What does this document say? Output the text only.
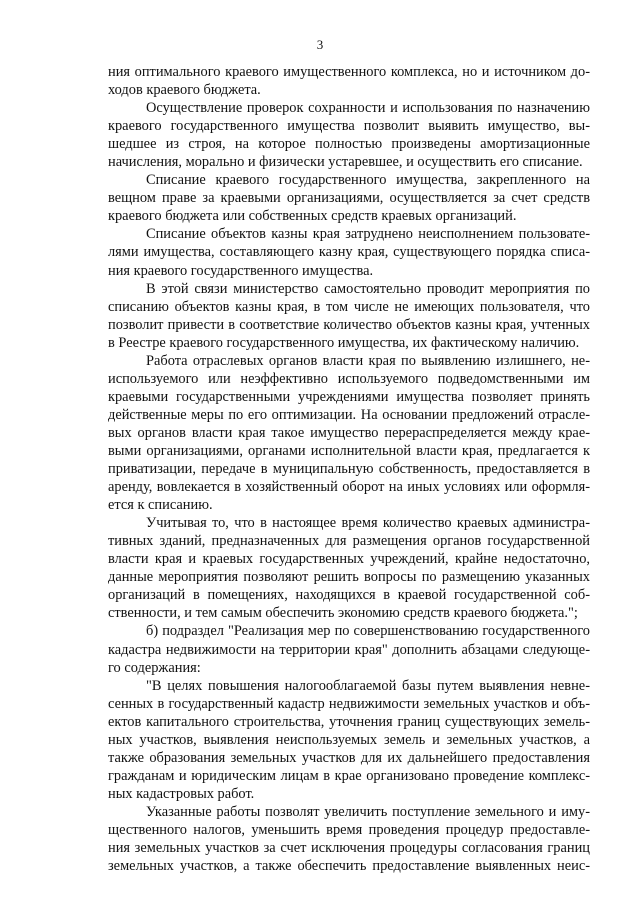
3
ния оптимального краевого имущественного комплекса, но и источником до-
ходов краевого бюджета.
Осуществление проверок сохранности и использования по назначению
краевого государственного имущества позволит выявить имущество, вы-
шедшее из строя, на которое полностью произведены амортизационные
начисления, морально и физически устаревшее, и осуществить его списание.
Списание краевого государственного имущества, закрепленного на
вещном праве за краевыми организациями, осуществляется за счет средств
краевого бюджета или собственных средств краевых организаций.
Списание объектов казны края затруднено неисполнением пользовате-
лями имущества, составляющего казну края, существующего порядка списа-
ния краевого государственного имущества.
В этой связи министерство самостоятельно проводит мероприятия по
списанию объектов казны края, в том числе не имеющих пользователя, что
позволит привести в соответствие количество объектов казны края, учтенных
в Реестре краевого государственного имущества, их фактическому наличию.
Работа отраслевых органов власти края по выявлению излишнего, не-
используемого или неэффективно используемого подведомственными им
краевыми государственными учреждениями имущества позволяет принять
действенные меры по его оптимизации. На основании предложений отрасле-
вых органов власти края такое имущество перераспределяется между крае-
выми организациями, органами исполнительной власти края, предлагается к
приватизации, передаче в муниципальную собственность, предоставляется в
аренду, вовлекается в хозяйственный оборот на иных условиях или оформля-
ется к списанию.
Учитывая то, что в настоящее время количество краевых администра-
тивных зданий, предназначенных для размещения органов государственной
власти края и краевых государственных учреждений, крайне недостаточно,
данные мероприятия позволяют решить вопросы по размещению указанных
организаций в помещениях, находящихся в краевой государственной соб-
ственности, и тем самым обеспечить экономию средств краевого бюджета.";
б) подраздел "Реализация мер по совершенствованию государственного
кадастра недвижимости на территории края" дополнить абзацами следующе-
го содержания:
"В целях повышения налогооблагаемой базы путем выявления невне-
сенных в государственный кадастр недвижимости земельных участков и объ-
ектов капитального строительства, уточнения границ существующих земель-
ных участков, выявления неиспользуемых земель и земельных участков, а
также образования земельных участков для их дальнейшего предоставления
гражданам и юридическим лицам в крае организовано проведение комплекс-
ных кадастровых работ.
Указанные работы позволят увеличить поступление земельного и иму-
щественного налогов, уменьшить время проведения процедур предоставле-
ния земельных участков за счет исключения процедуры согласования границ
земельных участков, а также обеспечить предоставление выявленных неис-
